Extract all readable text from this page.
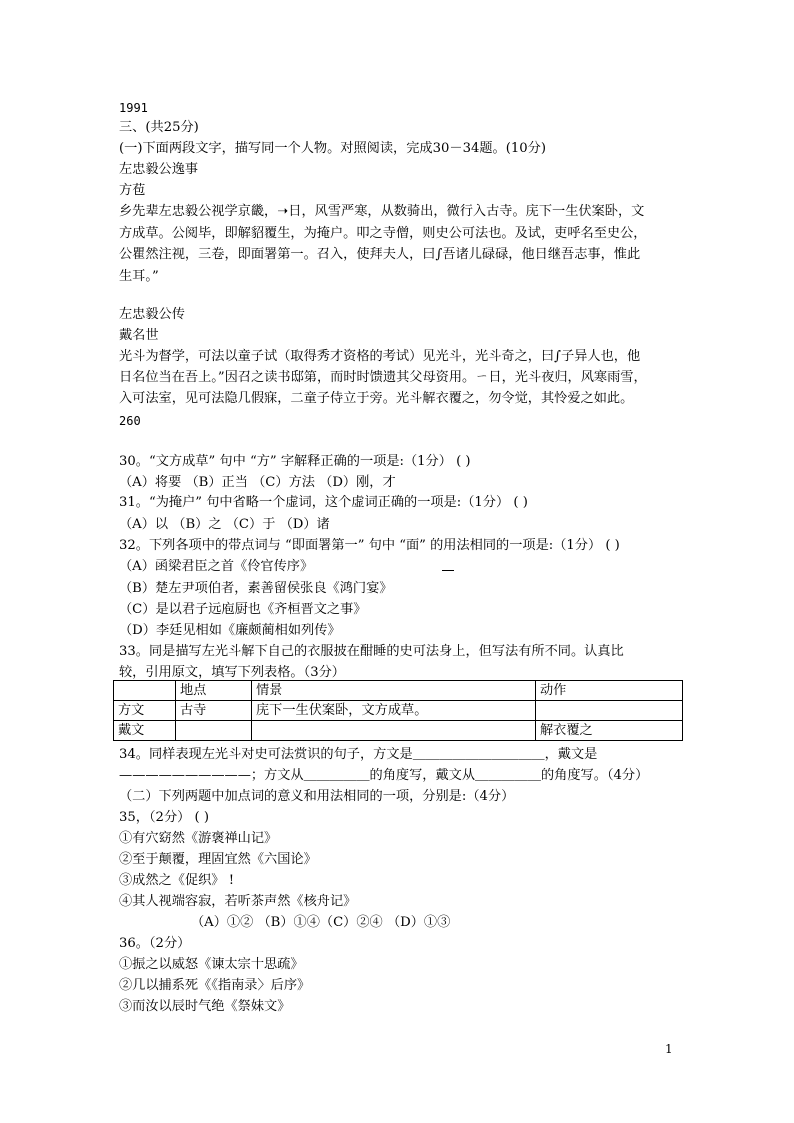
1991
三、(共25分)
(一)下面两段文字，描写同一个人物。对照阅读，完成30－34题。(10分)
左忠毅公逸事
方苞
乡先辈左忠毅公视学京畿，➝日，风雪严寒，从数骑出，微行入古寺。庑下一生伏案卧，文
方成草。公阅毕，即解貂覆生，为掩户。叩之寺僧，则史公可法也。及试，吏呼名至史公，
公瞿然注视，三卷，即面署第一。召入，使拜夫人，曰∫吾诸儿碌碌，他日继吾志事，惟此
生耳。”
左忠毅公传
戴名世
光斗为督学，可法以童子试（取得秀才资格的考试）见光斗，光斗奇之，曰∫子异人也，他
日名位当在吾上。”因召之读书邸第，而时时馈遗其父母资用。ㄧ日，光斗夜归，风寒雨雪，
入可法室，见可法隐几假寐，二童子侍立于旁。光斗解衣覆之，勿令觉，其怜爱之如此。
260
30。“文方成草” 句中 “方” 字解释正确的一项是:（1分） ( )
（A）将要 （B）正当 （C）方法 （D）刚，才
31。“为掩户” 句中省略一个虚词，这个虚词正确的一项是:（1分） ( )
（A）以 （B）之 （C）于 （D）诸
32。下列各项中的带点词与 “即面署第一” 句中 “面” 的用法相同的一项是:（1分） ( )
（A）函梁君臣之首《伶官传序》
（B）楚左尹项伯者，素善留侯张良《鸿门宴》
（C）是以君子远庖厨也《齐桓晋文之事》
（D）李廷见相如《廉颇蔺相如列传》
33。同是描写左光斗解下自己的衣服披在酣睡的史可法身上，但写法有所不同。认真比
较，引用原文，填写下列表格。（3分）
	地点	情景	动作
方文	古寺	庑下一生伏案卧，文方成草。	
戴文			解衣覆之
34。同样表现左光斗对史可法赏识的句子，方文是＿＿＿＿＿＿＿＿＿＿，戴文是
——————————；方文从＿＿＿＿＿的角度写，戴文从＿＿＿＿＿的角度写。（4分）
（二）下列两题中加点词的意义和用法相同的一项，分别是:（4分）
35，（2分） ( )
①有穴窈然《游褒禅山记》
②至于颠覆，理固宜然《六国论》
③成然之《促织》 !
④其人视端容寂，若听茶声然《核舟记》
（A）①② （B）①④（C）②④ （D）①③
36。（2分）
①振之以威怒《谏太宗十思疏》
②几以捕系死《《指南录〉后序》
③而汝以辰时气绝《祭妹文》
1
